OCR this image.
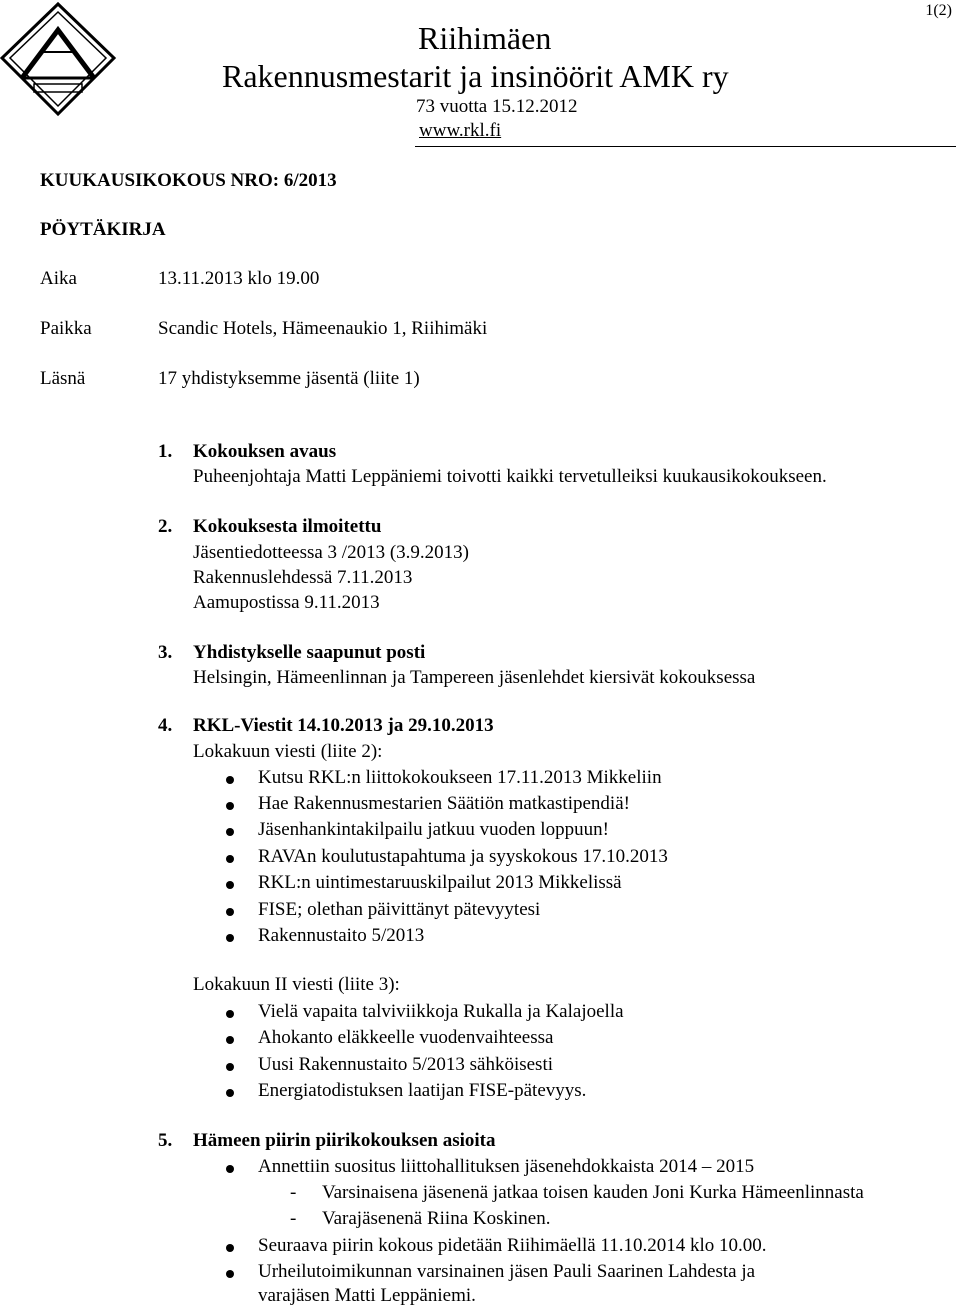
1(2)
Riihimäen
Rakennusmestarit ja insinöörit AMK ry
73 vuotta 15.12.2012
www.rkl.fi
KUUKAUSIKOKOUS NRO: 6/2013
PÖYTÄKIRJA
Aika	13.11.2013 klo 19.00
Paikka	Scandic Hotels, Hämeenaukio 1, Riihimäki
Läsnä	17 yhdistyksemme jäsentä (liite 1)
1. Kokouksen avaus
Puheenjohtaja Matti Leppäniemi toivotti kaikki tervetulleiksi kuukausikokoukseen.
2. Kokouksesta ilmoitettu
Jäsentiedotteessa 3 /2013 (3.9.2013)
Rakennuslehdessä 7.11.2013
Aamupostissa 9.11.2013
3. Yhdistykselle saapunut posti
Helsingin, Hämeenlinnan ja Tampereen jäsenlehdet kiersivät kokouksessa
4. RKL-Viestit 14.10.2013 ja 29.10.2013
Lokakuun viesti (liite 2):
Kutsu RKL:n liittokokoukseen 17.11.2013 Mikkeliin
Hae Rakennusmestarien Säätiön matkastipendiä!
Jäsenhankintakilpailu jatkuu vuoden loppuun!
RAVAn koulutustapahtuma ja syyskokous 17.10.2013
RKL:n uintimestaruuskilpailut 2013 Mikkelissä
FISE; olethan päivittänyt pätevyytesi
Rakennustaito 5/2013
Lokakuun II viesti (liite 3):
Vielä vapaita talviviikkoja Rukalla ja Kalajoella
Ahokanto eläkkeelle vuodenvaihteessa
Uusi Rakennustaito 5/2013 sähköisesti
Energiatodistuksen laatijan FISE-pätevyys.
5. Hämeen piirin piirikokouksen asioita
Annettiin suositus liittohallituksen jäsenehdokkaista 2014 – 2015
- Varsinaisena jäsenenä jatkaa toisen kauden Joni Kurka Hämeenlinnasta
- Varajäsenenä Riina Koskinen.
Seuraava piirin kokous pidetään Riihimäellä 11.10.2014 klo 10.00.
Urheilutoimikunnan varsinainen jäsen Pauli Saarinen Lahdesta ja
varajäsen Matti Leppäniemi.
